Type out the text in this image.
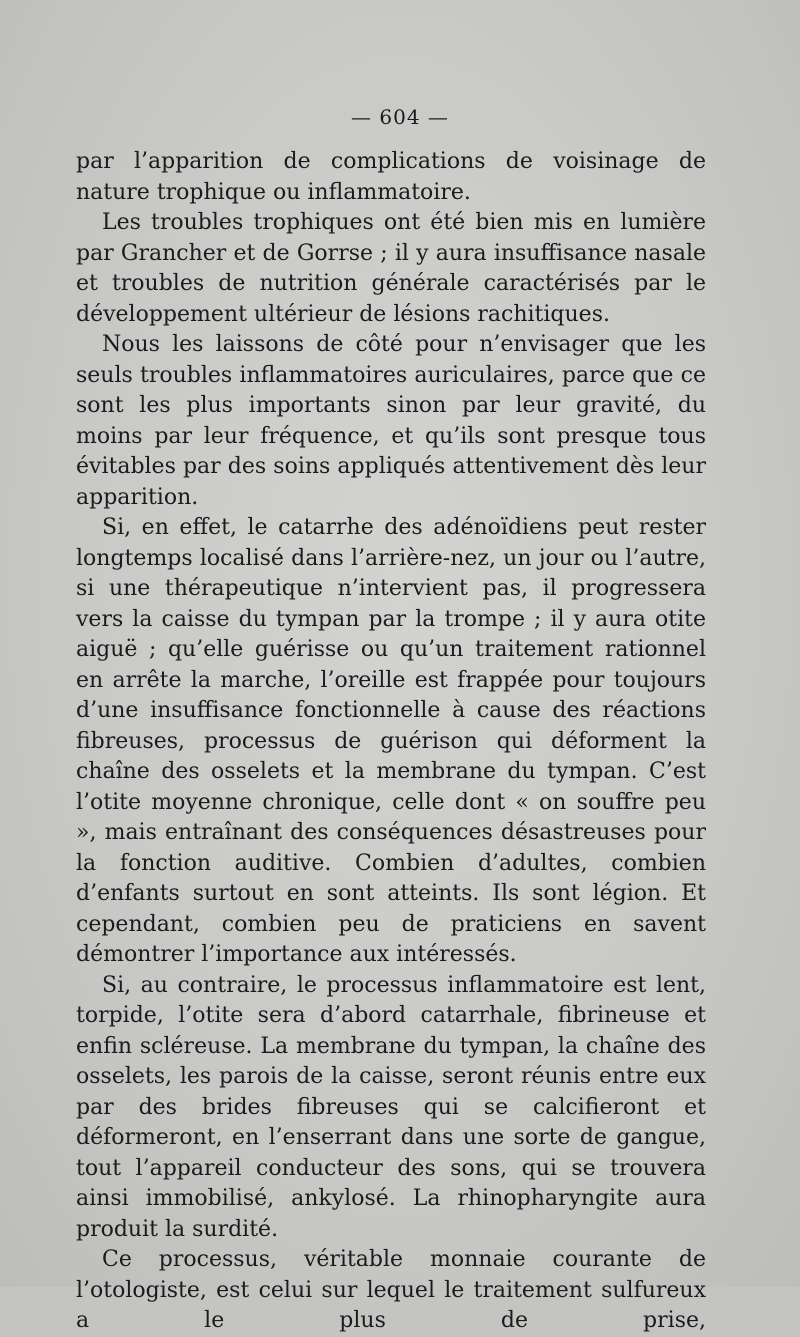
— 604 —

par l’apparition de complications de voisinage de nature trophique ou inflammatoire.

Les troubles trophiques ont été bien mis en lumière par Grancher et de Gorrse ; il y aura insuffisance nasale et troubles de nutrition générale caractérisés par le développement ultérieur de lésions rachitiques.

Nous les laissons de côté pour n’envisager que les seuls troubles inflammatoires auriculaires, parce que ce sont les plus importants sinon par leur gravité, du moins par leur fréquence, et qu’ils sont presque tous évitables par des soins appliqués attentivement dès leur apparition.

Si, en effet, le catarrhe des adénoïdiens peut rester longtemps localisé dans l’arrière-nez, un jour ou l’autre, si une thérapeutique n’intervient pas, il progressera vers la caisse du tympan par la trompe ; il y aura otite aiguë ; qu’elle guérisse ou qu’un traitement rationnel en arrête la marche, l’oreille est frappée pour toujours d’une insuffisance fonctionnelle à cause des réactions fibreuses, processus de guérison qui déforment la chaîne des osselets et la membrane du tympan. C’est l’otite moyenne chronique, celle dont « on souffre peu », mais entraînant des conséquences désastreuses pour la fonction auditive. Combien d’adultes, combien d’enfants surtout en sont atteints. Ils sont légion. Et cependant, combien peu de praticiens en savent démontrer l’importance aux intéressés.

Si, au contraire, le processus inflammatoire est lent, torpide, l’otite sera d’abord catarrhale, fibrineuse et enfin scléreuse. La membrane du tympan, la chaîne des osselets, les parois de la caisse, seront réunis entre eux par des brides fibreuses qui se calcifieront et déformeront, en l’enserrant dans une sorte de gangue, tout l’appareil conducteur des sons, qui se trouvera ainsi immobilisé, ankylosé. La rhinopharyngite aura produit la surdité.

Ce processus, véritable monnaie courante de l’otologiste, est celui sur lequel le traitement sulfureux a le plus de prise,
